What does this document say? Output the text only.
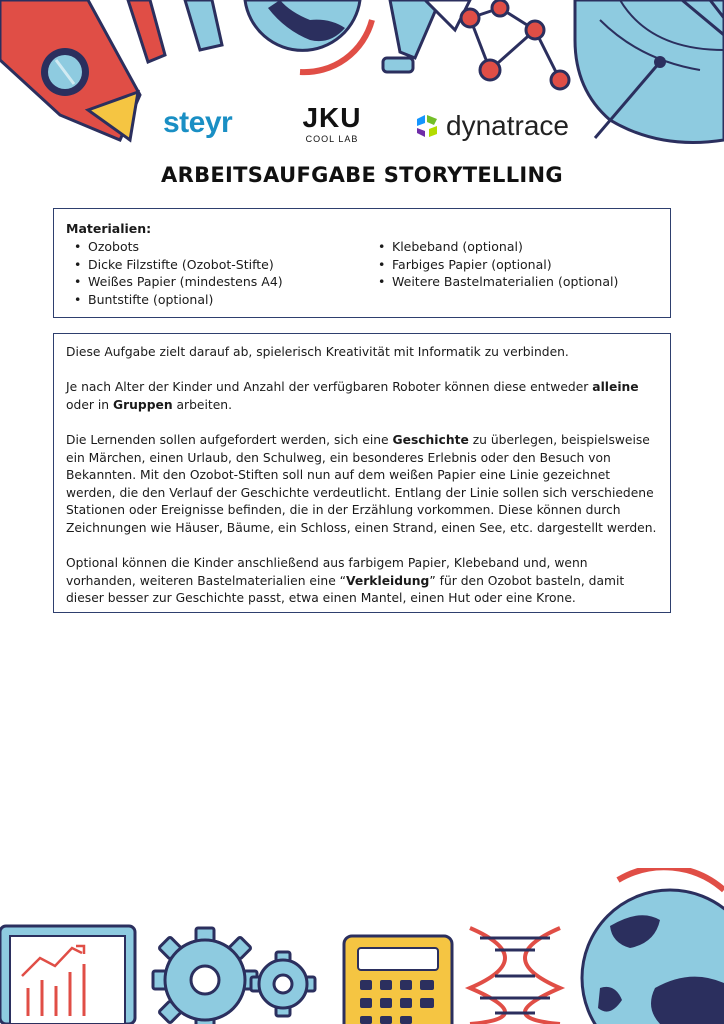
steyr	JKU
COOL LAB	dynatrace
ARBEITSAUFGABE STORYTELLING
Materialien:
• Ozobots
• Dicke Filzstifte (Ozobot-Stifte)
• Weißes Papier (mindestens A4)
• Buntstifte (optional)
• Klebeband (optional)
• Farbiges Papier (optional)
• Weitere Bastelmaterialien (optional)

Diese Aufgabe zielt darauf ab, spielerisch Kreativität mit Informatik zu verbinden.

Je nach Alter der Kinder und Anzahl der verfügbaren Roboter können diese entweder alleine oder in Gruppen arbeiten.

Die Lernenden sollen aufgefordert werden, sich eine Geschichte zu überlegen, beispielsweise ein Märchen, einen Urlaub, den Schulweg, ein besonderes Erlebnis oder den Besuch von Bekannten. Mit den Ozobot-Stiften soll nun auf dem weißen Papier eine Linie gezeichnet werden, die den Verlauf der Geschichte verdeutlicht. Entlang der Linie sollen sich verschiedene Stationen oder Ereignisse befinden, die in der Erzählung vorkommen. Diese können durch Zeichnungen wie Häuser, Bäume, ein Schloss, einen Strand, einen See, etc. dargestellt werden.

Optional können die Kinder anschließend aus farbigem Papier, Klebeband und, wenn vorhanden, weiteren Bastelmaterialien eine “Verkleidung” für den Ozobot basteln, damit dieser besser zur Geschichte passt, etwa einen Mantel, einen Hut oder eine Krone.
